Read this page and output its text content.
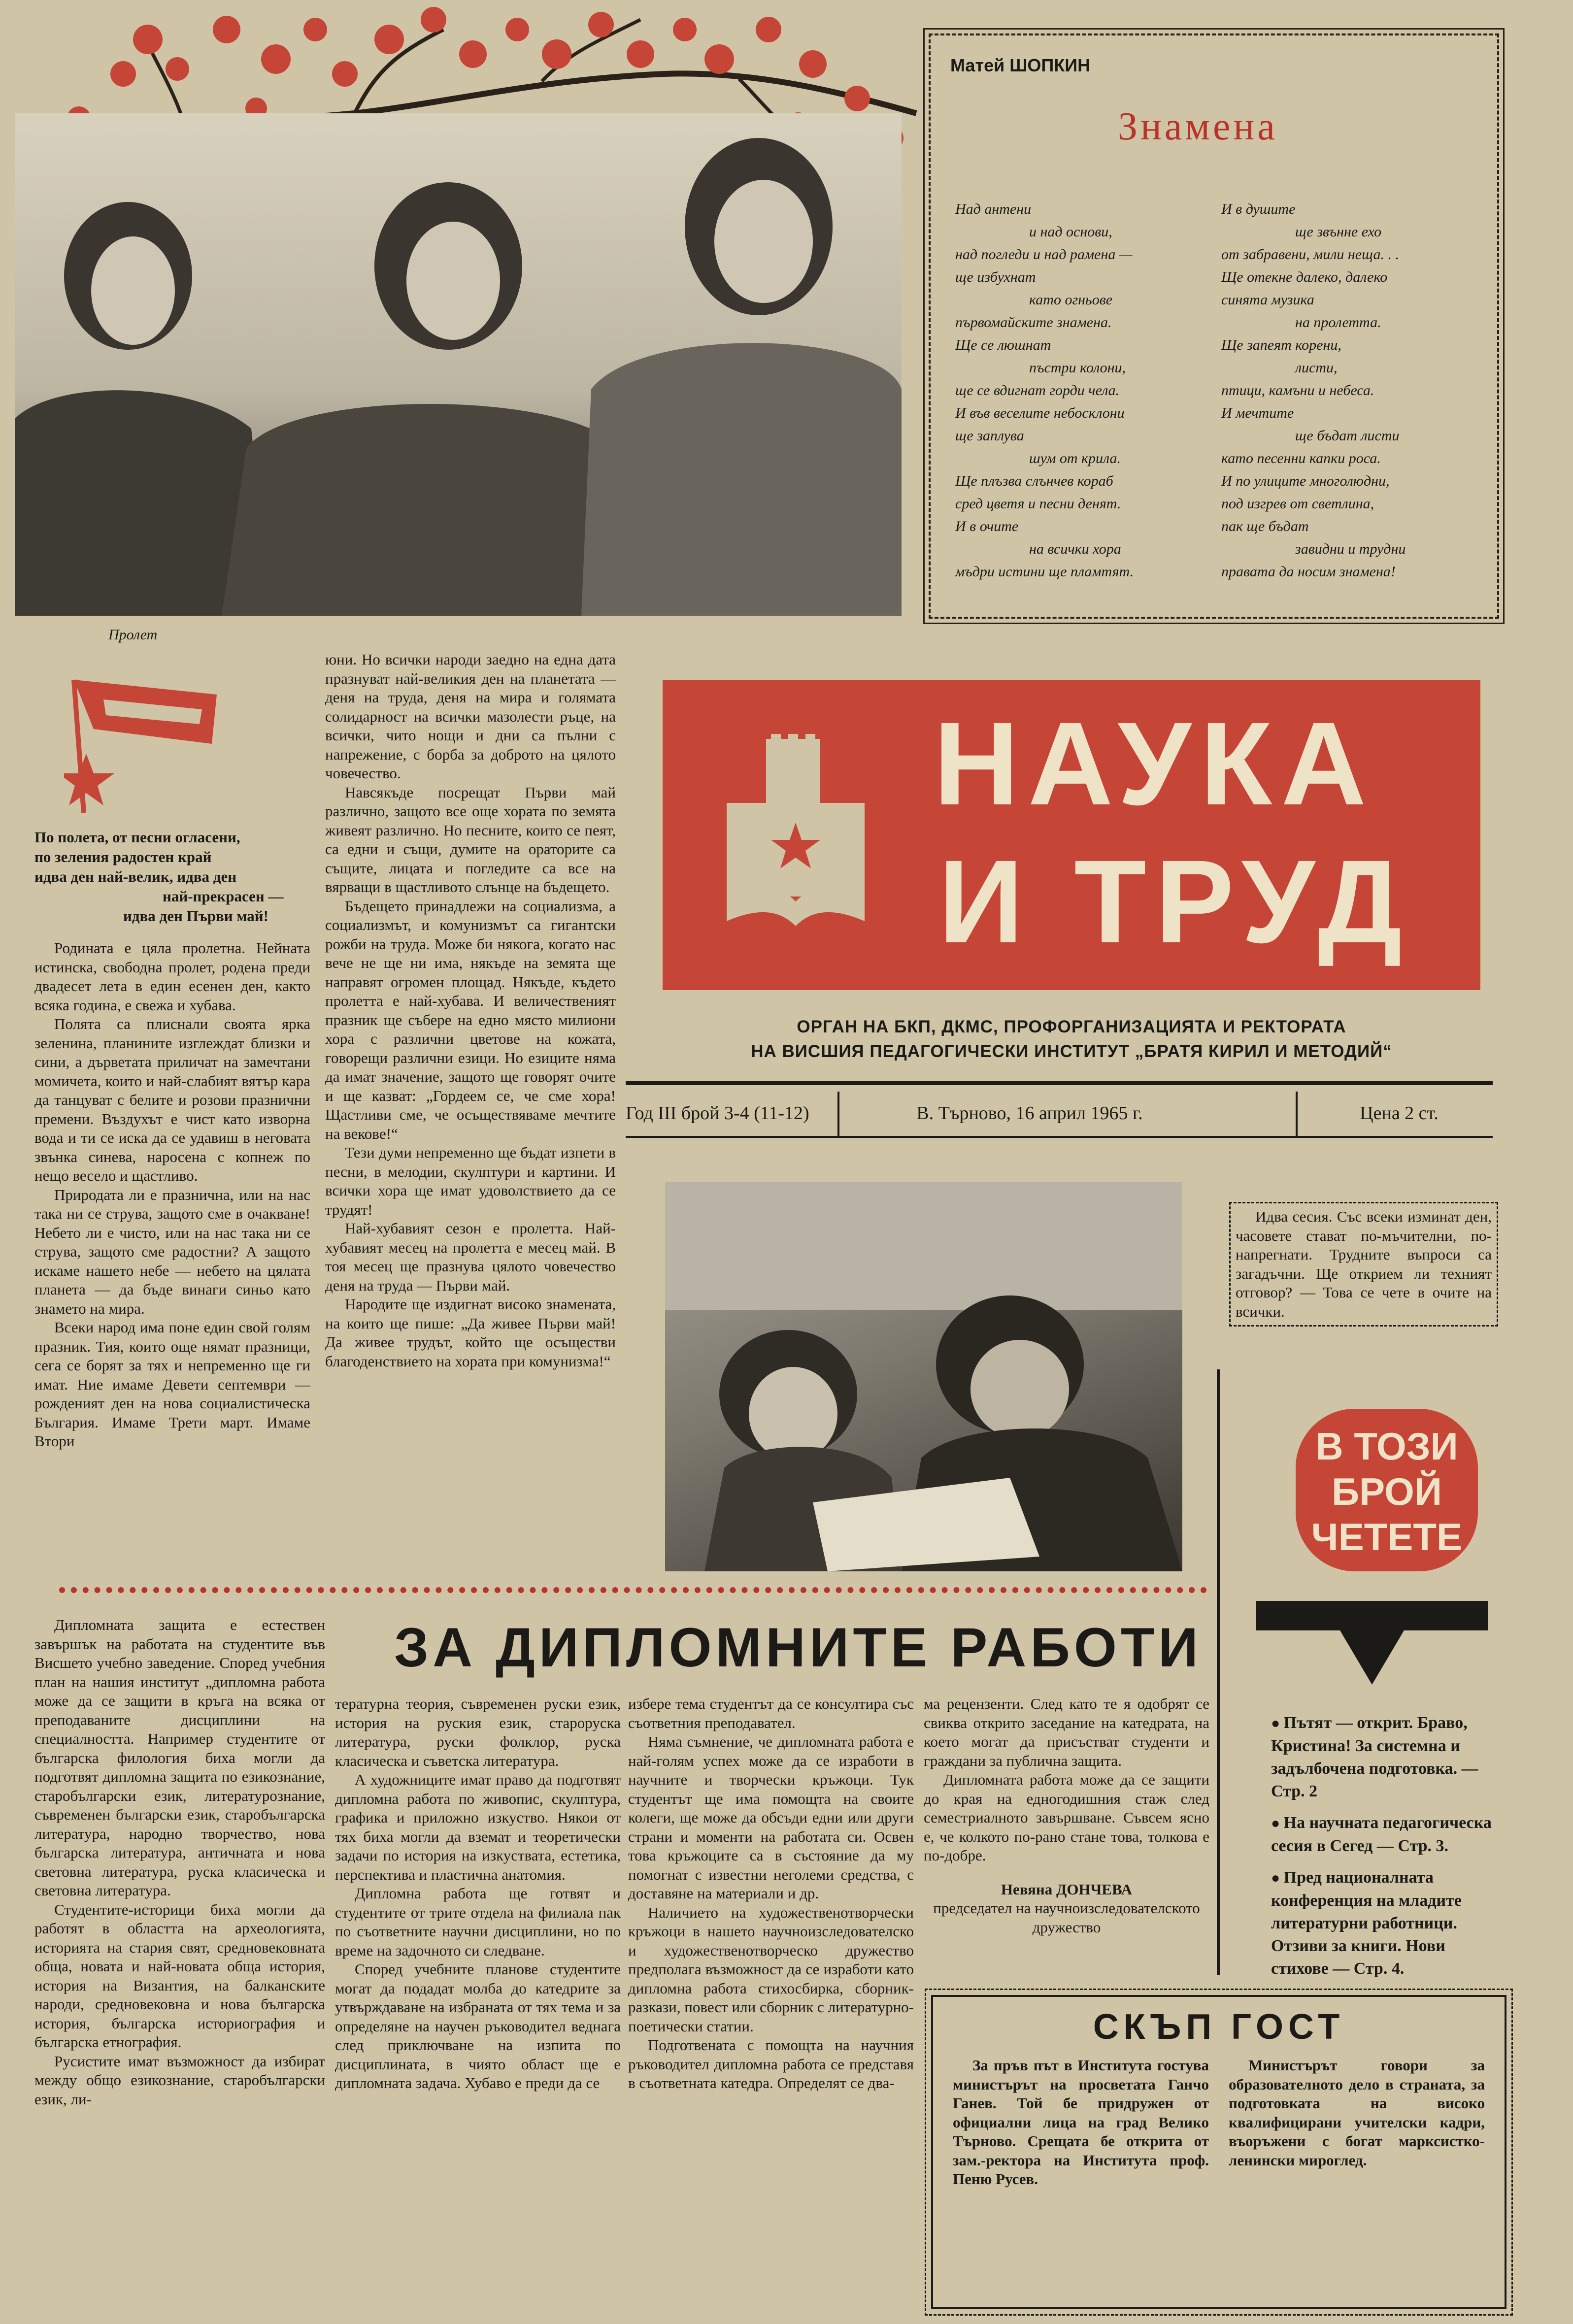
Пролет
Матей ШОПКИН
Знамена
Над антени
и над основи,
над погледи и над рамена —
ще избухнат
като огньове
първомайските знамена.
Ще се люшнат
пъстри колони,
ще се вдигнат горди чела.
И във веселите небосклони
ще заплува
шум от крила.
Ще плъзва слънчев кораб
сред цветя и песни денят.
И в очите
на всички хора
мъдри истини ще пламтят.
И в душите
ще звънне ехо
от забравени, мили неща. . .
Ще отекне далеко, далеко
синята музика
на пролетта.
Ще запеят корени,
листи,
птици, камъни и небеса.
И мечтите
ще бъдат листи
като песенни капки роса.
И по улиците многолюдни,
под изгрев от светлина,
пак ще бъдат
завидни и трудни
правата да носим знамена!
По полета, от песни огласени,
по зеления радостен край
идва ден най-велик, идва ден
най-прекрасен —
идва ден Първи май!

Родината е цяла пролетна. Нейната истинска, свободна пролет, родена преди двадесет лета в един есенен ден, както всяка година, е свежа и хубава.

Полята са плиснали своята ярка зеленина, планините изглеждат близки и сини, а дърветата приличат на замечтани момичета, които и най-слабият вятър кара да танцуват с белите и розови празнични премени. Въздухът е чист като изворна вода и ти се иска да се удавиш в неговата звънка синева, наросена с копнеж по нещо весело и щастливо.

Природата ли е празнична, или на нас така ни се струва, защото сме в очакване! Небето ли е чисто, или на нас така ни се струва, защото сме радостни? А защото искаме нашето небе — небето на цялата планета — да бъде винаги синьо като знамето на мира.

Всеки народ има поне един свой голям празник. Тия, които още нямат празници, сега се борят за тях и непременно ще ги имат. Ние имаме Девети септември — рожденият ден на нова социалистическа България. Имаме Трети март. Имаме Втори

юни. Но всички народи заедно на една дата празнуват най-великия ден на планетата — деня на труда, деня на мира и голямата солидарност на всички мазолести ръце, на всички, чито нощи и дни са пълни с напрежение, с борба за доброто на цялото човечество.

Навсякъде посрещат Първи май различно, защото все още хората по земята живеят различно. Но песните, които се пеят, са едни и същи, думите на ораторите са същите, лицата и погледите са все на вярващи в щастливото слънце на бъдещето.

Бъдещето принадлежи на социализма, а социализмът, и комунизмът са гигантски рожби на труда. Може би някога, когато нас вече не ще ни има, някъде на земята ще направят огромен площад. Някъде, където пролетта е най-хубава. И величественият празник ще събере на едно място милиони хора с различни цветове на кожата, говорещи различни езици. Но езиците няма да имат значение, защото ще говорят очите и ще казват: „Гордеем се, че сме хора! Щастливи сме, че осъществяваме мечтите на вековe!“

Тези думи непременно ще бъдат изпети в песни, в мелодии, скулптури и картини. И всички хора ще имат удоволствието да се трудят!

Най-хубавият сезон е пролетта. Най-хубавият месец на пролетта е месец май. В тоя месец ще празнува цялото човечество деня на труда — Първи май.

Народите ще издигнат високо знамената, на които ще пише: „Да живее Първи май! Да живее трудът, който ще осъществи благоденствието на хората при комунизма!“

НАУКА
И ТРУД
ОРГАН НА БКП, ДКМС, ПРОФОРГАНИЗАЦИЯТА И РЕКТОРАТА
НА ВИСШИЯ ПЕДАГОГИЧЕСКИ ИНСТИТУТ „БРАТЯ КИРИЛ И МЕТОДИЙ“
Год III брой 3-4 (11-12)	В. Търново, 16 април 1965 г.	Цена 2 ст.

Идва сесия. Със всеки изминат ден, часовете стават по-мъчителни, по-напрегнати. Трудните въпроси са загадъчни. Ще открием ли техният отговор? — Това се чете в очите на всички.

В ТОЗИ
БРОЙ
ЧЕТЕТЕ
● Пътят — открит. Браво, Кристина! За системна и задълбочена подготовка. — Стр. 2
● На научната педагогическа сесия в Сегед — Стр. 3.
● Пред националната конференция на младите литературни работници. Отзиви за книги. Нови стихове — Стр. 4.
ЗА ДИПЛОМНИТЕ РАБОТИ

Дипломната защита е естествен завършък на работата на студентите във Висшето учебно заведение. Според учебния план на нашия институт „дипломна работа може да се защити в кръга на всяка от преподаваните дисциплини на специалността. Например студентите от българска филология биха могли да подготвят дипломна защита по езикознание, старобългарски език, литературознание, съвременен български език, старобългарска литература, народно творчество, нова българска литература, античната и нова световна литература, руска класическа и световна литература.

Студентите-историци биха могли да работят в областта на археологията, историята на стария свят, средновековната обща, новата и най-новата обща история, история на Византия, на балканските народи, средновековна и нова българска история, българска историография и българска етнография.

Русистите имат възможност да избират между общо езикознание, старобългарски език, ли-

тературна теория, съвременен руски език, история на руския език, староруска литература, руски фолклор, руска класическа и съветска литература.

А художниците имат право да подготвят дипломна работа по живопис, скулптура, графика и приложно изкуство. Някои от тях биха могли да вземат и теоретически задачи по история на изкуствата, естетика, перспектива и пластична анатомия.

Дипломна работа ще готвят и студентите от трите отдела на филиала пак по съответните научни дисциплини, но по време на задочното си следване.

Според учебните планове студентите могат да подадат молба до катедрите за утвърждаване на избраната от тях тема и за определяне на научен ръководител веднага след приключване на изпита по дисциплината, в чиято област ще е дипломната задача. Хубаво е преди да се

избере тема студентът да се консултира със съответния преподавател.

Няма съмнение, че дипломната работа е най-голям успех може да се изработи в научните и творчески кръжоци. Тук студентът ще има помощта на своите колеги, ще може да обсъди едни или други страни и моменти на работата си. Освен това кръжоците са в състояние да му помогнат с известни неголеми средства, с доставяне на материали и др.

Наличието на художественотворчески кръжоци в нашето научноизследователско и художественотворческо дружество предполага възможност да се изработи като дипломна работа стихосбирка, сборник-разкази, повест или сборник с литературно-поетически статии.

Подготвената с помощта на научния ръководител дипломна работа се представя в съответната катедра. Определят се два-

ма рецензенти. След като те я одобрят се свиква открито заседание на катедрата, на което могат да присъстват студенти и граждани за публична защита.

Дипломната работа може да се защити до края на едногодишния стаж след семестриалното завършване. Съвсем ясно е, че колкото по-рано стане това, толкова е по-добре.

Невяна ДОНЧЕВА
председател на научноизследователското дружество
СКЪП ГОСТ

За пръв път в Института гостува министърът на просветата Ганчо Ганев. Той бе придружен от официални лица на град Велико Търново. Срещата бе открита от зам.-ректора на Института проф. Пеню Русев.

Министърът говори за образователното дело в страната, за подготовката на високо квалифицирани учителски кадри, въоръжени с богат марксистко-ленински мироглед.
